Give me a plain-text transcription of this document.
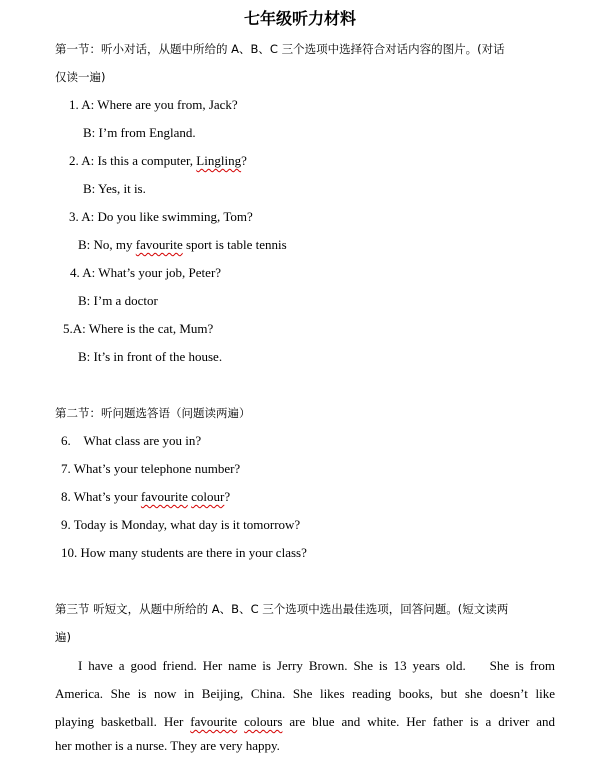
七年级听力材料
第一节：听小对话，从题中所给的 A、B、C 三个选项中选择符合对话内容的图片。(对话
仅读一遍)
1. A: Where are you from, Jack?
B: I’m from England.
2. A: Is this a computer, Lingling?
B: Yes, it is.
3. A: Do you like swimming, Tom?
B: No, my favourite sport is table tennis
4. A: What’s your job, Peter?
B: I’m a doctor
5.A: Where is the cat, Mum?
B: It’s in front of the house.
第二节：听问题选答语（问题读两遍）
6.    What class are you in?
7. What’s your telephone number?
8. What’s your favourite colour?
9. Today is Monday, what day is it tomorrow?
10. How many students are there in your class?
第三节 听短文，从题中所给的 A、B、C 三个选项中选出最佳选项，回答问题。(短文读两
遍)
I have a good friend. Her name is Jerry Brown. She is 13 years old.    She is from
America. She is now in Beijing, China. She likes reading books, but she doesn’t like
playing basketball. Her favourite colours are blue and white. Her father is a driver and
her mother is a nurse. They are very happy.
